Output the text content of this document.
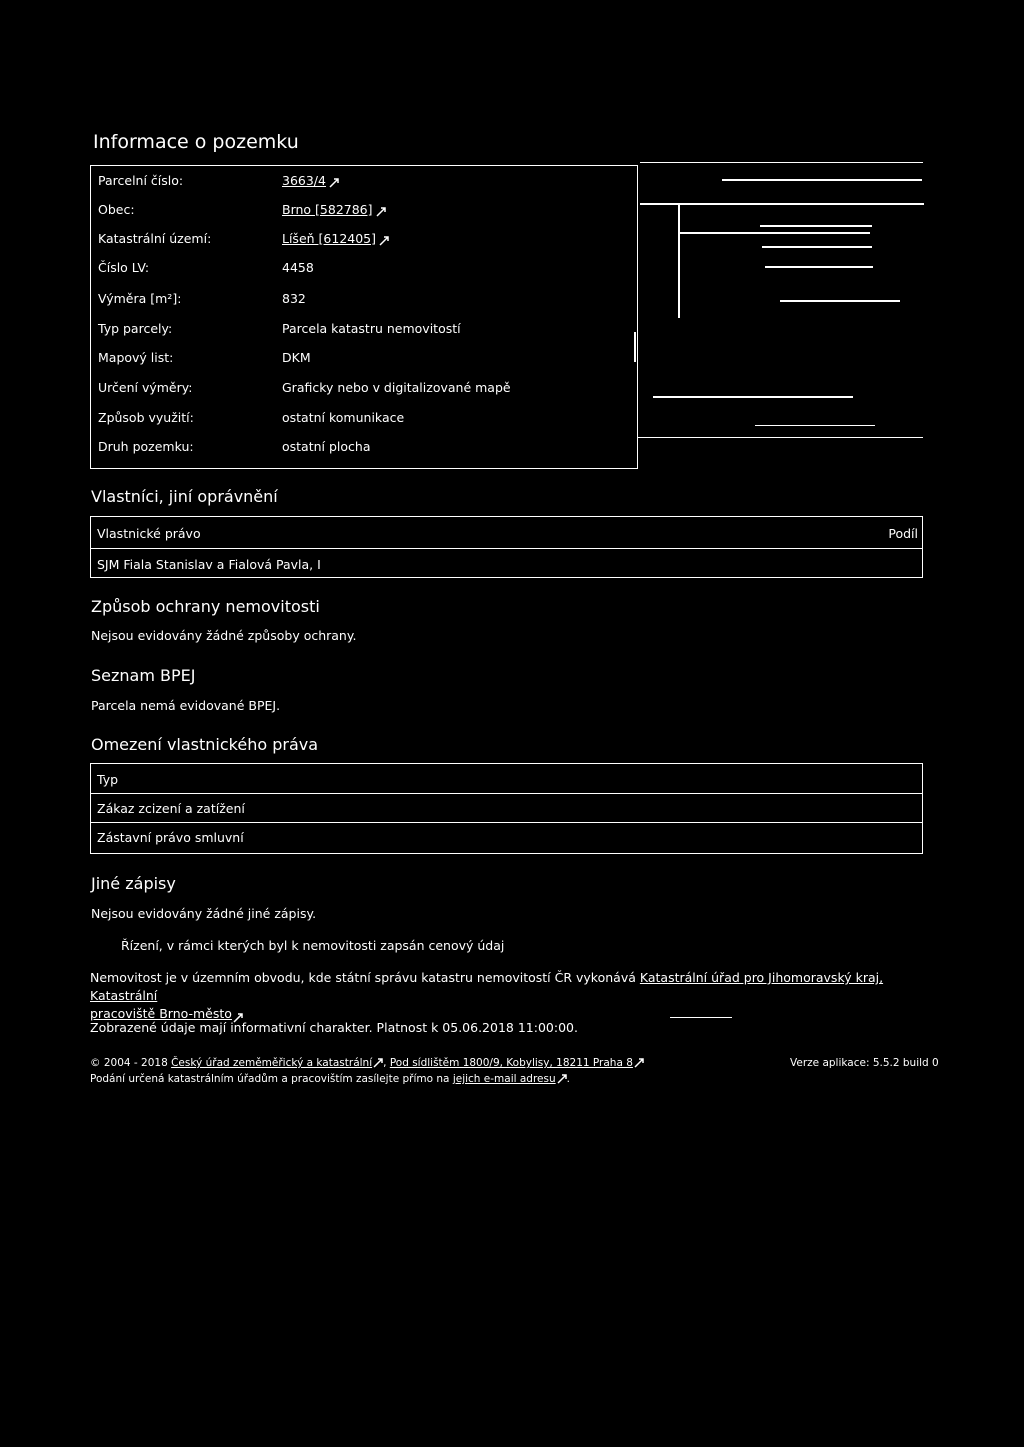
Informace o pozemku
Parcelní číslo:	3663/4
Obec:	Brno [582786]
Katastrální území:	Líšeň [612405]
Číslo LV:	4458
Výměra [m²]:	832
Typ parcely:	Parcela katastru nemovitostí
Mapový list:	DKM
Určení výměry:	Graficky nebo v digitalizované mapě
Způsob využití:	ostatní komunikace
Druh pozemku:	ostatní plocha
Vlastníci, jiní oprávnění
Vlastnické právo	Podíl
SJM Fiala Stanislav a Fialová Pavla, I
Způsob ochrany nemovitosti
Nejsou evidovány žádné způsoby ochrany.
Seznam BPEJ
Parcela nemá evidované BPEJ.
Omezení vlastnického práva
Typ
Zákaz zcizení a zatížení
Zástavní právo smluvní
Jiné zápisy
Nejsou evidovány žádné jiné zápisy.
Řízení, v rámci kterých byl k nemovitosti zapsán cenový údaj
Nemovitost je v územním obvodu, kde státní správu katastru nemovitostí ČR vykonává Katastrální úřad pro Jihomoravský kraj, Katastrální
pracoviště Brno-město
Zobrazené údaje mají informativní charakter. Platnost k 05.06.2018 11:00:00.
© 2004 - 2018 Český úřad zeměměřický a katastrální , Pod sídlištěm 1800/9, Kobylisy, 18211 Praha 8	Verze aplikace: 5.5.2 build 0
Podání určená katastrálním úřadům a pracovištím zasílejte přímo na jejich e-mail adresu .
